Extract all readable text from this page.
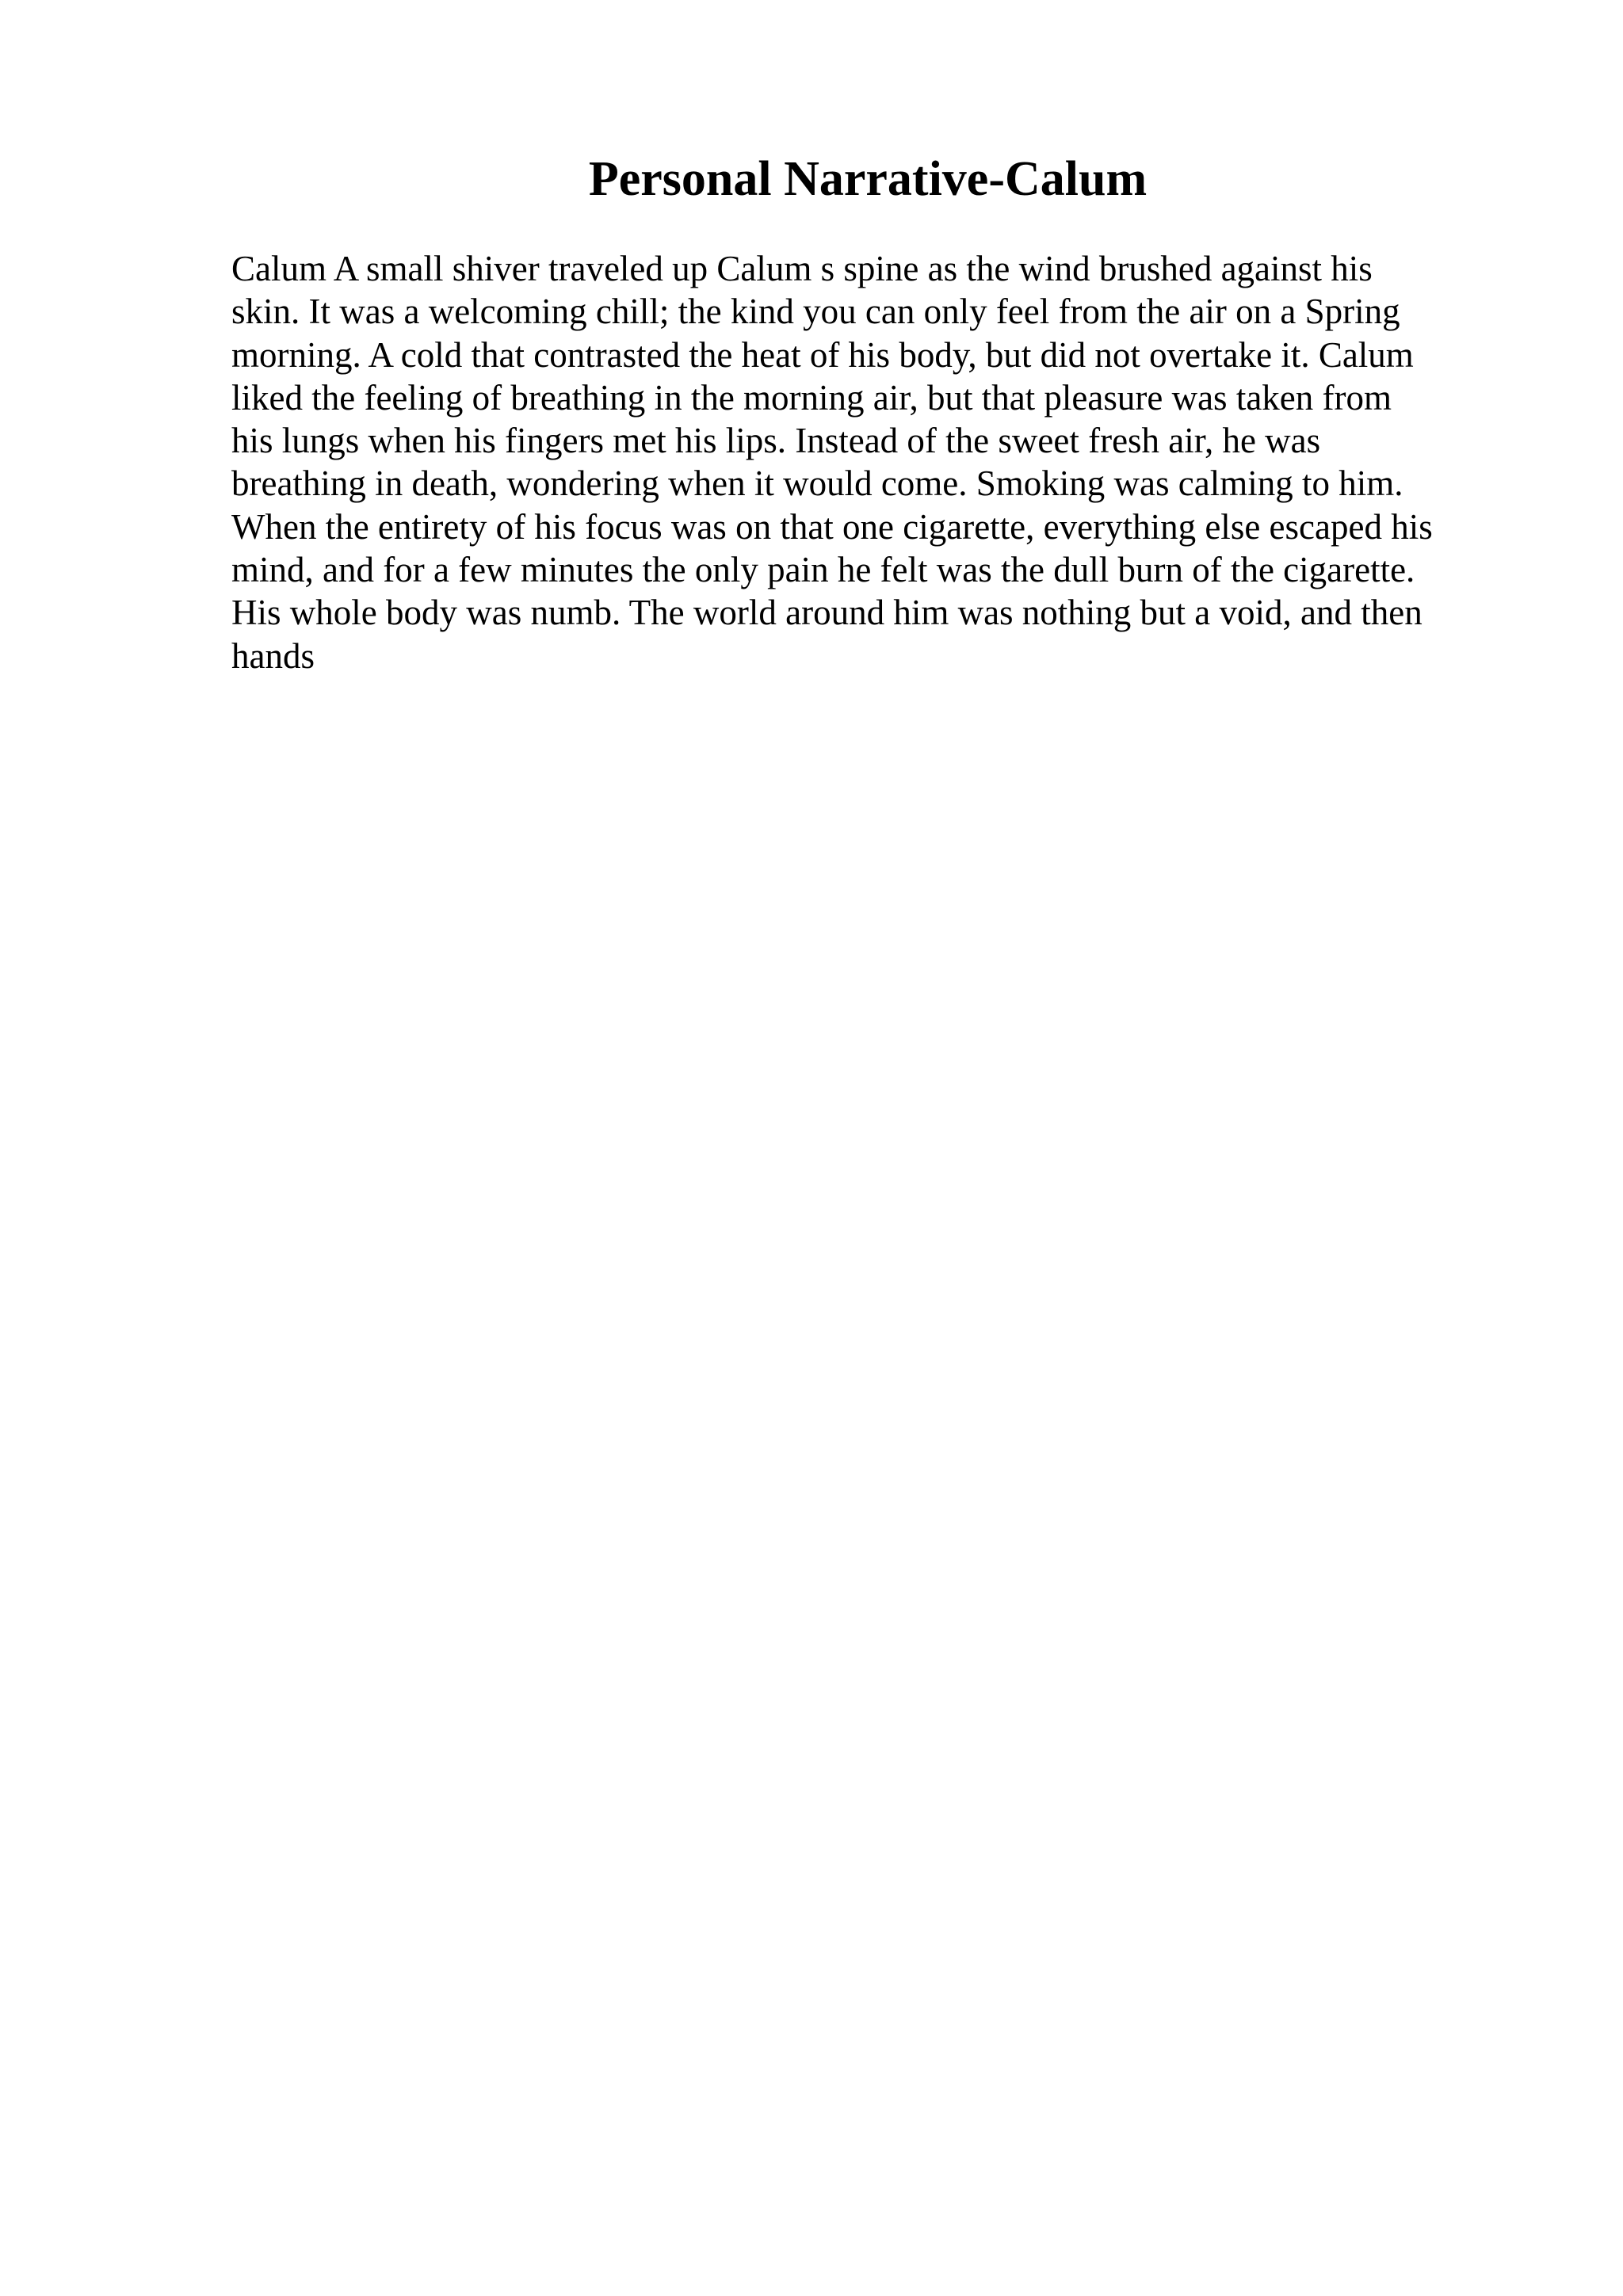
Personal Narrative-Calum
Calum A small shiver traveled up Calum s spine as the wind brushed against his
skin. It was a welcoming chill; the kind you can only feel from the air on a Spring
morning. A cold that contrasted the heat of his body, but did not overtake it. Calum
liked the feeling of breathing in the morning air, but that pleasure was taken from
his lungs when his fingers met his lips. Instead of the sweet fresh air, he was
breathing in death, wondering when it would come. Smoking was calming to him.
When the entirety of his focus was on that one cigarette, everything else escaped his
mind, and for a few minutes the only pain he felt was the dull burn of the cigarette.
His whole body was numb. The world around him was nothing but a void, and then
hands
